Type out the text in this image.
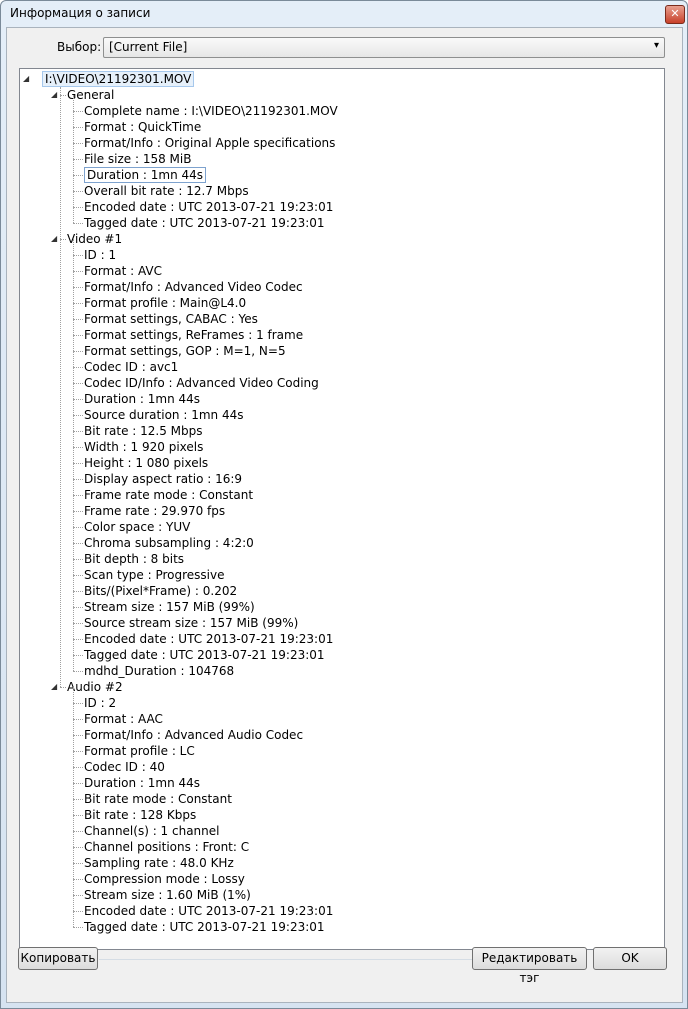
Информация о записи	✕
Выбор: [Current File]	▾
◢ I:\VIDEO\21192301.MOV
◢ General
Complete name : I:\VIDEO\21192301.MOV
Format : QuickTime
Format/Info : Original Apple specifications
File size : 158 MiB
Duration : 1mn 44s
Overall bit rate : 12.7 Mbps
Encoded date : UTC 2013-07-21 19:23:01
Tagged date : UTC 2013-07-21 19:23:01
◢ Video #1
ID : 1
Format : AVC
Format/Info : Advanced Video Codec
Format profile : Main@L4.0
Format settings, CABAC : Yes
Format settings, ReFrames : 1 frame
Format settings, GOP : M=1, N=5
Codec ID : avc1
Codec ID/Info : Advanced Video Coding
Duration : 1mn 44s
Source duration : 1mn 44s
Bit rate : 12.5 Mbps
Width : 1 920 pixels
Height : 1 080 pixels
Display aspect ratio : 16:9
Frame rate mode : Constant
Frame rate : 29.970 fps
Color space : YUV
Chroma subsampling : 4:2:0
Bit depth : 8 bits
Scan type : Progressive
Bits/(Pixel*Frame) : 0.202
Stream size : 157 MiB (99%)
Source stream size : 157 MiB (99%)
Encoded date : UTC 2013-07-21 19:23:01
Tagged date : UTC 2013-07-21 19:23:01
mdhd_Duration : 104768
◢ Audio #2
ID : 2
Format : AAC
Format/Info : Advanced Audio Codec
Format profile : LC
Codec ID : 40
Duration : 1mn 44s
Bit rate mode : Constant
Bit rate : 128 Kbps
Channel(s) : 1 channel
Channel positions : Front: C
Sampling rate : 48.0 KHz
Compression mode : Lossy
Stream size : 1.60 MiB (1%)
Encoded date : UTC 2013-07-21 19:23:01
Tagged date : UTC 2013-07-21 19:23:01
Копировать	Редактировать тэг
OK
